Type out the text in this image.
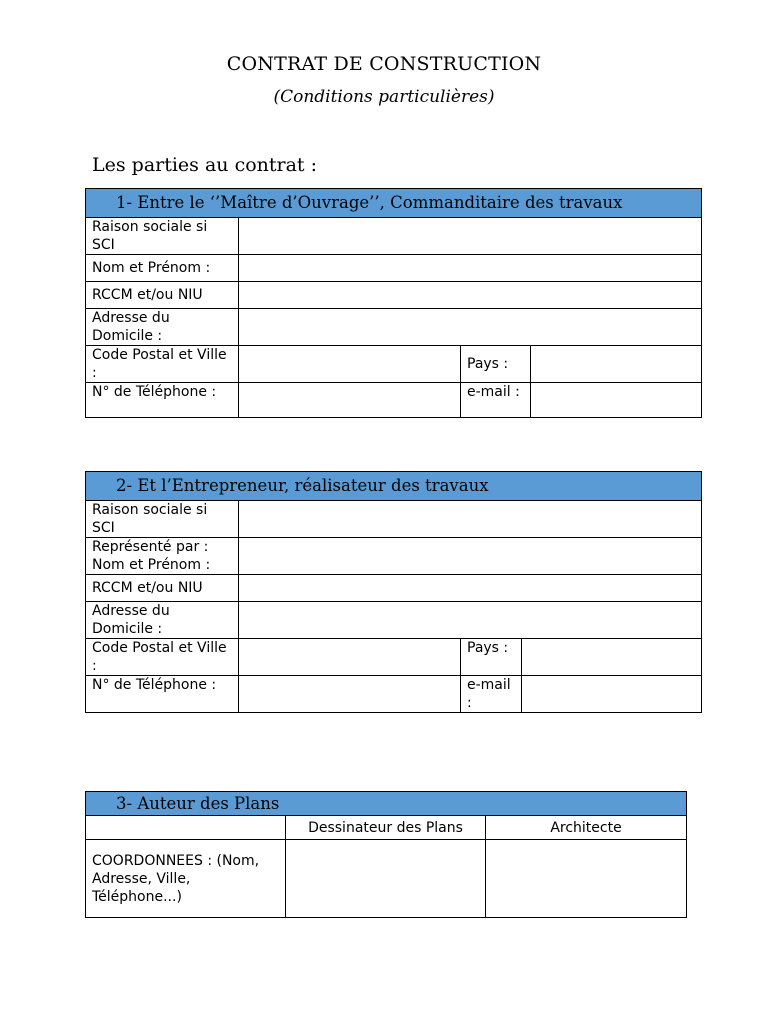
CONTRAT DE CONSTRUCTION
(Conditions particulières)
Les parties au contrat :
1- Entre le ‘’Maître d’Ouvrage’’, Commanditaire des travaux			
Raison sociale si SCI			
Nom et Prénom :			
RCCM et/ou NIU			
Adresse du Domicile :			
Code Postal et Ville :		Pays :	
N° de Téléphone :		e-mail :	
2- Et l’Entrepreneur, réalisateur des travaux			
Raison sociale si SCI			
Représenté par : Nom et Prénom :			
RCCM et/ou NIU			
Adresse du Domicile :			
Code Postal et Ville :		Pays :	
N° de Téléphone :		e-mail :	
3- Auteur des Plans		
	Dessinateur des Plans	Architecte
COORDONNEES : (Nom, Adresse, Ville, Téléphone...)		
